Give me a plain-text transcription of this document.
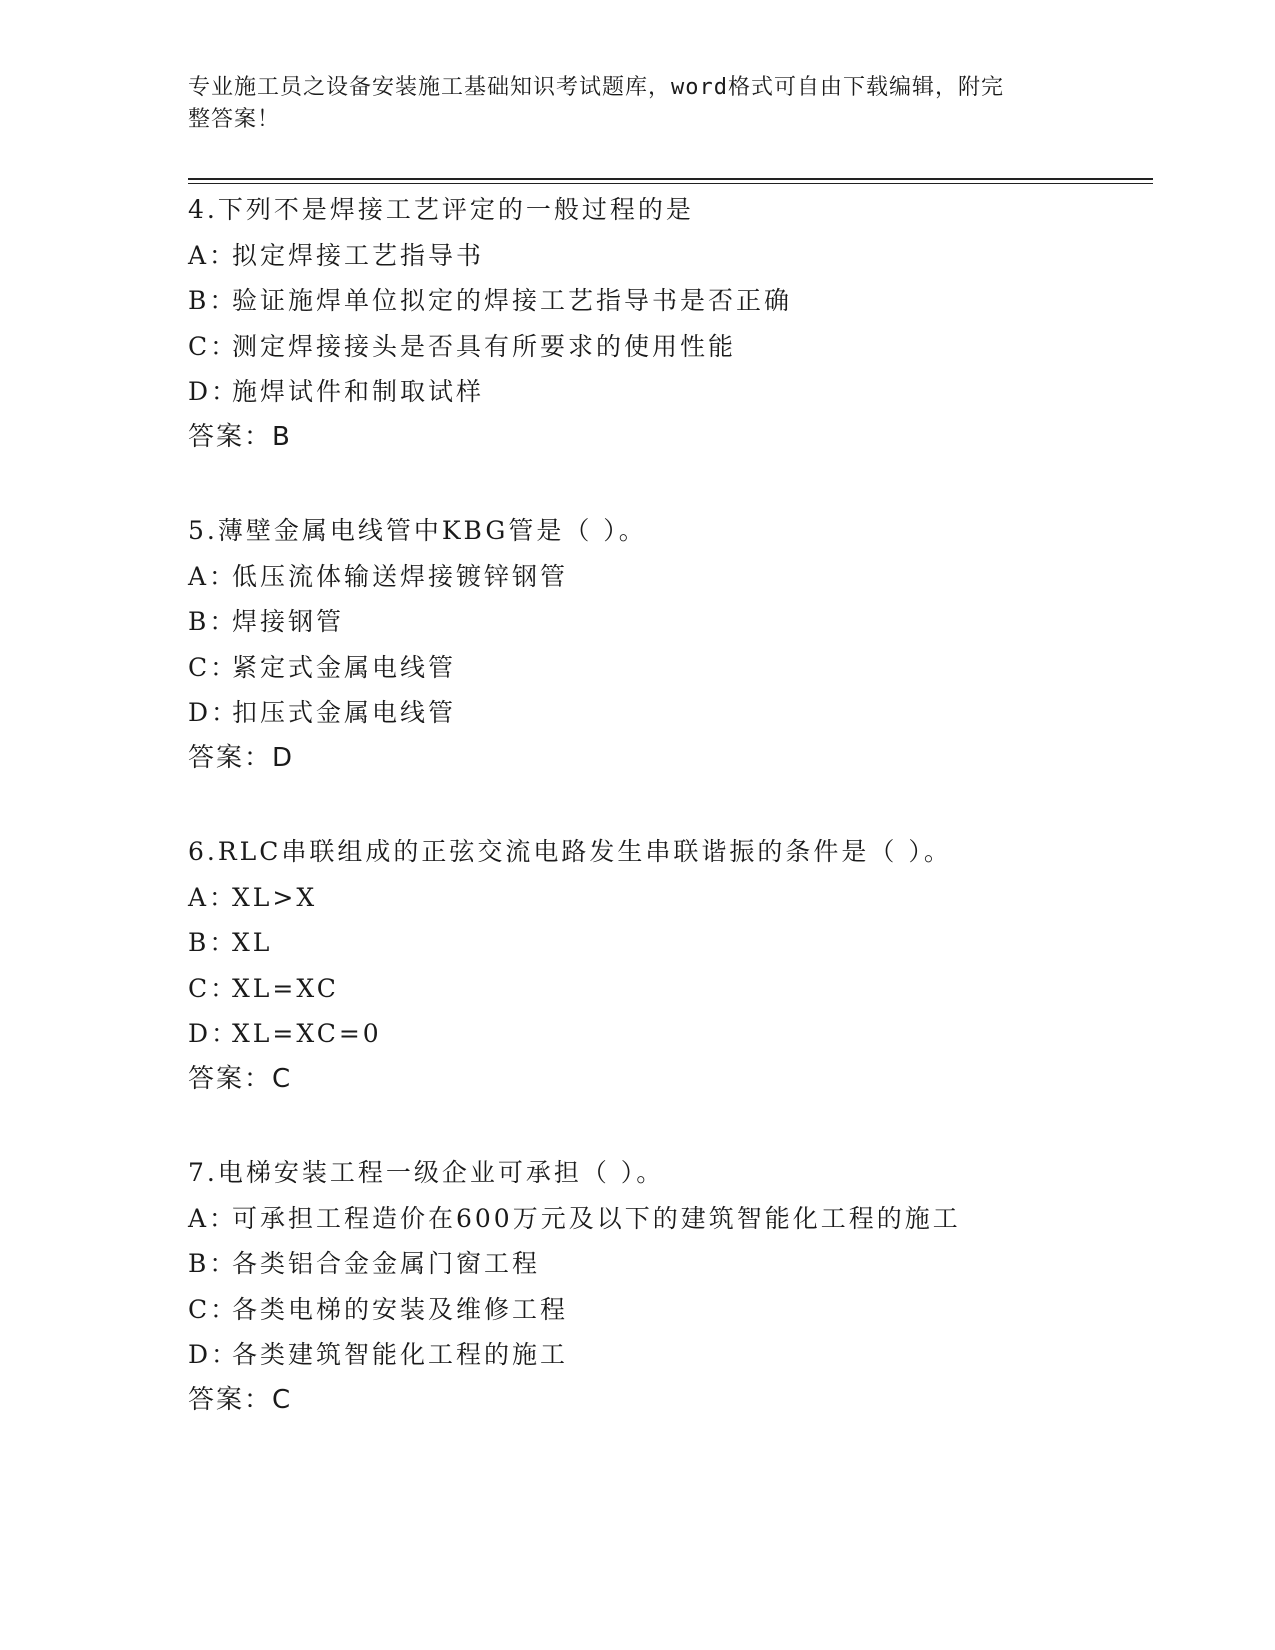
专业施工员之设备安装施工基础知识考试题库，word格式可自由下载编辑，附完
整答案！
4.下列不是焊接工艺评定的一般过程的是
A：拟定焊接工艺指导书
B：验证施焊单位拟定的焊接工艺指导书是否正确
C：测定焊接接头是否具有所要求的使用性能
D：施焊试件和制取试样
答案：B
5.薄壁金属电线管中KBG管是（ ）。
A：低压流体输送焊接镀锌钢管
B：焊接钢管
C：紧定式金属电线管
D：扣压式金属电线管
答案：D
6.RLC串联组成的正弦交流电路发生串联谐振的条件是（ ）。
A：XL>X
B：XL
C：XL=XC
D：XL=XC=0
答案：C
7.电梯安装工程一级企业可承担（ ）。
A：可承担工程造价在600万元及以下的建筑智能化工程的施工
B：各类铝合金金属门窗工程
C：各类电梯的安装及维修工程
D：各类建筑智能化工程的施工
答案：C
